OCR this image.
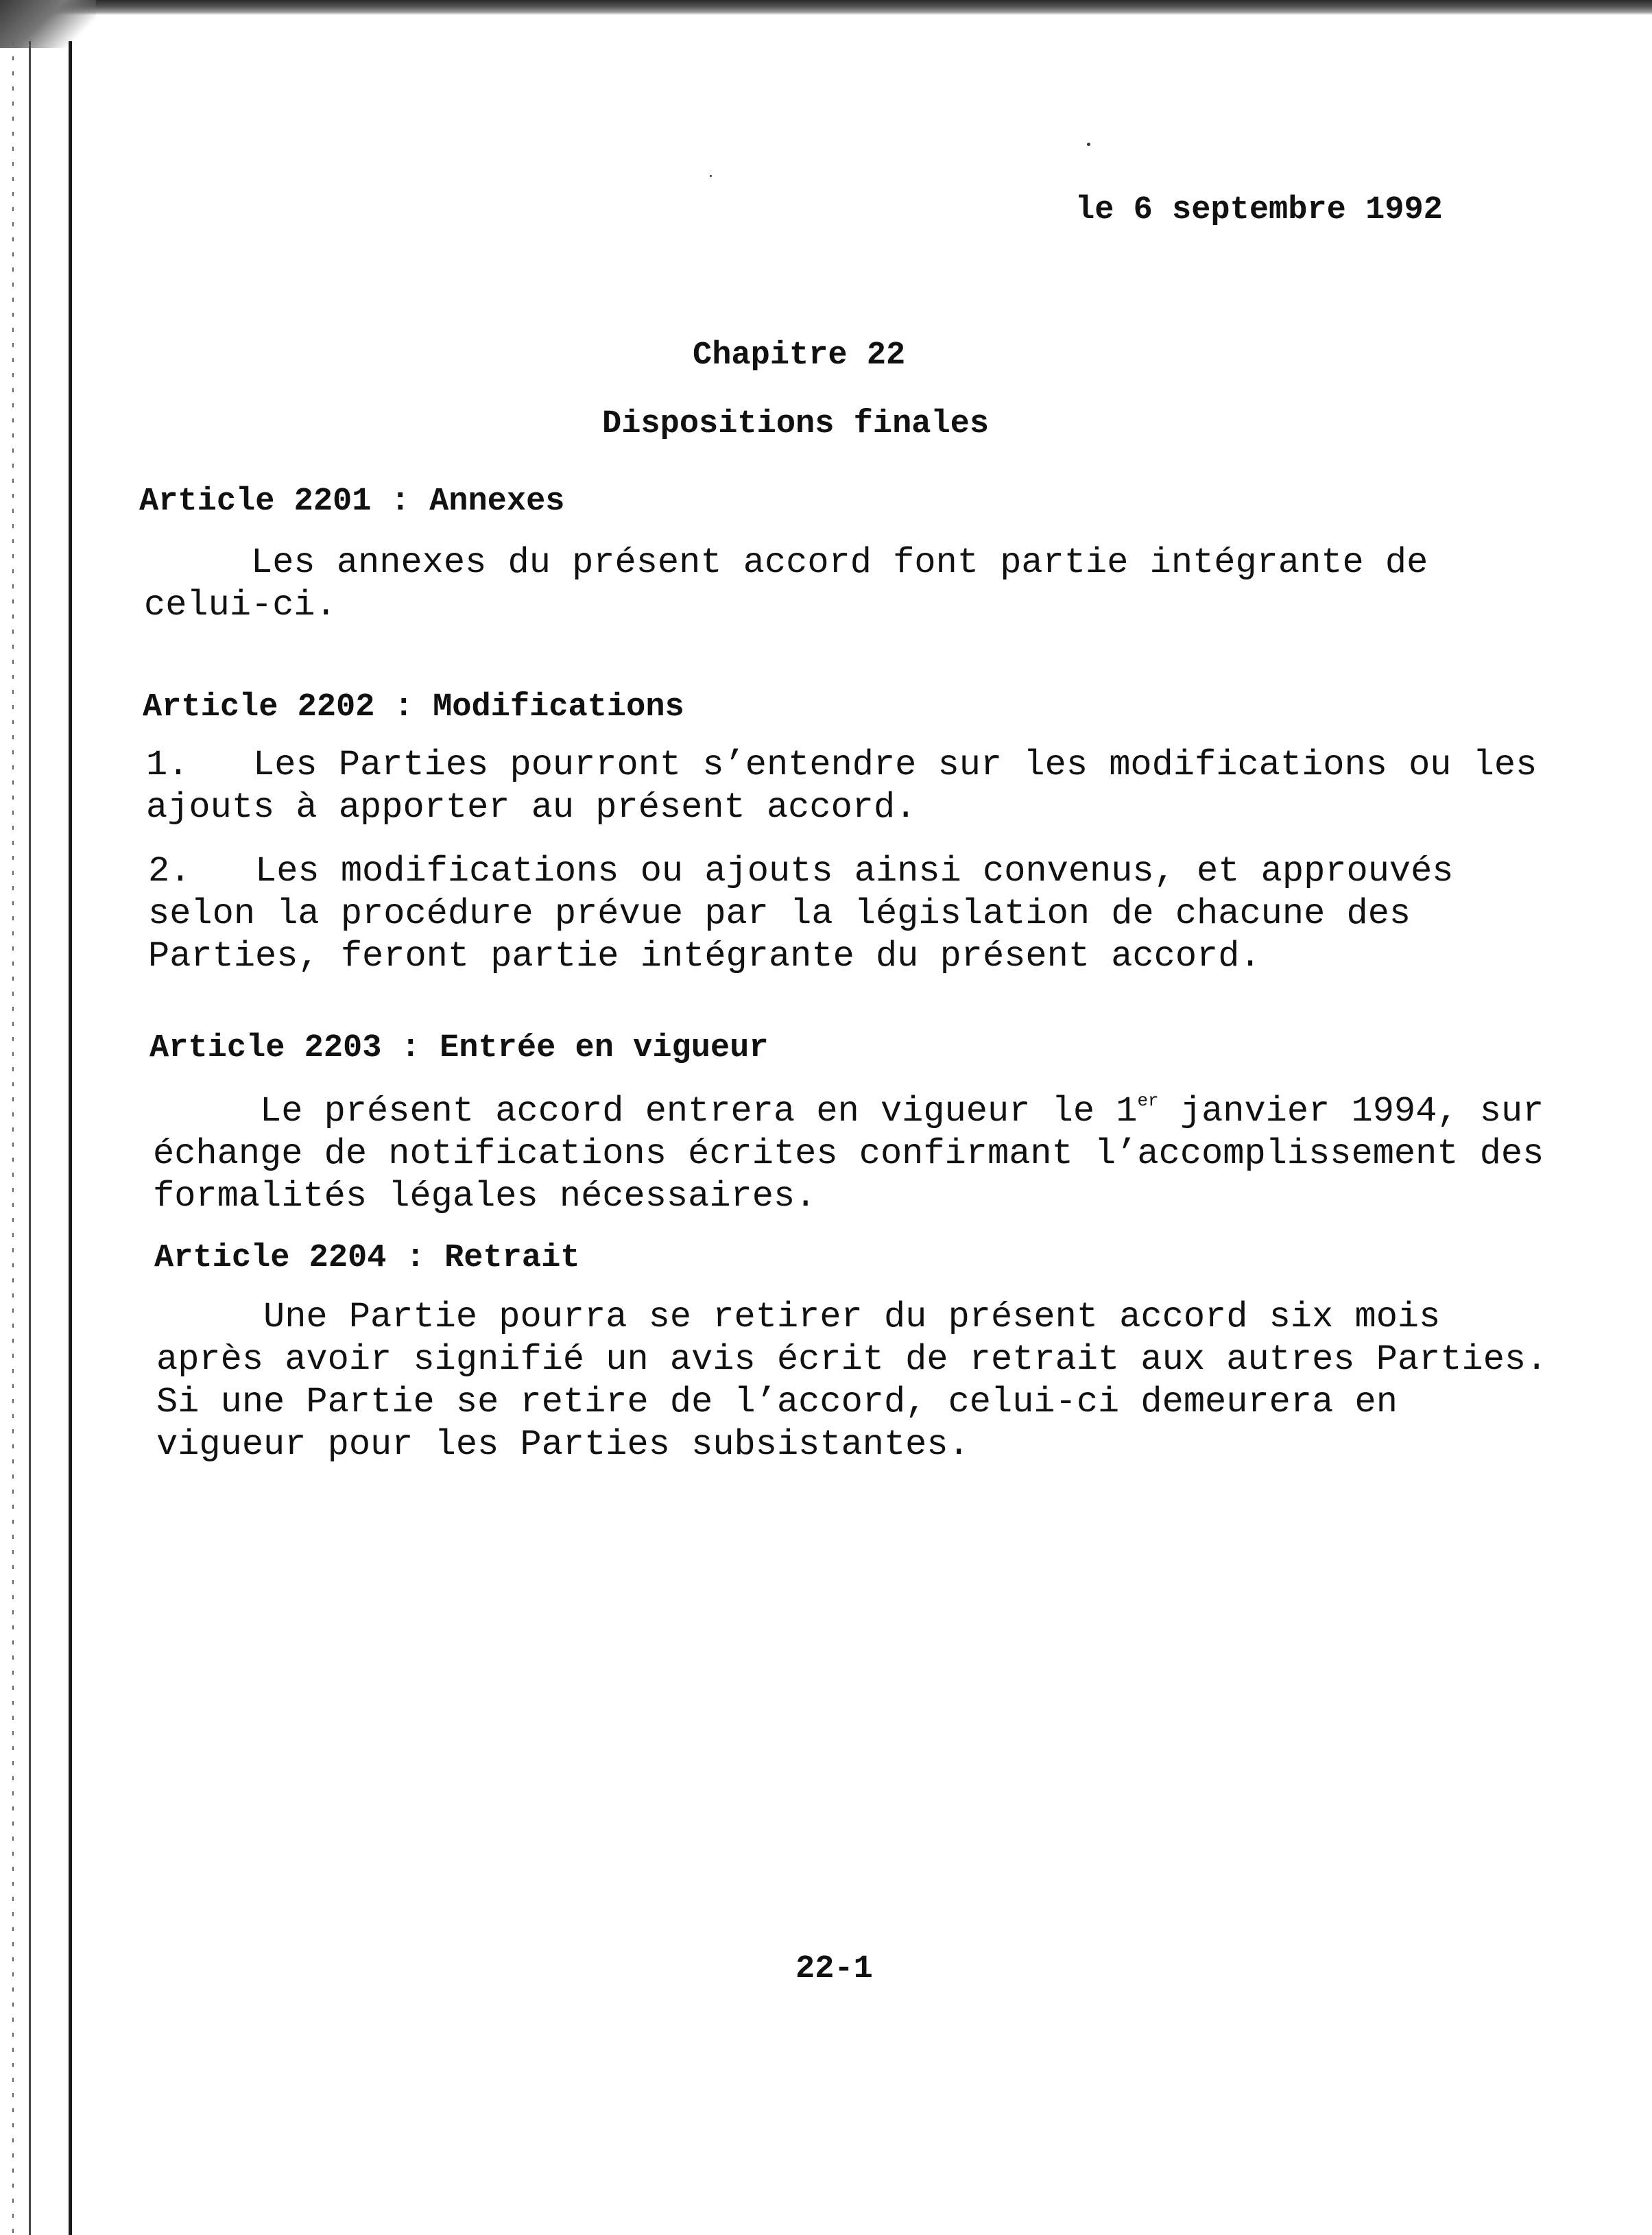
le 6 septembre 1992
Chapitre 22
Dispositions finales
Article 2201 : Annexes
Les annexes du présent accord font partie intégrante de
celui-ci.
Article 2202 : Modifications
1.   Les Parties pourront s’entendre sur les modifications ou les
ajouts à apporter au présent accord.
2.   Les modifications ou ajouts ainsi convenus, et approuvés
selon la procédure prévue par la législation de chacune des
Parties, feront partie intégrante du présent accord.
Article 2203 : Entrée en vigueur
Le présent accord entrera en vigueur le 1er janvier 1994, sur
échange de notifications écrites confirmant l’accomplissement des
formalités légales nécessaires.
Article 2204 : Retrait
Une Partie pourra se retirer du présent accord six mois
après avoir signifié un avis écrit de retrait aux autres Parties.
Si une Partie se retire de l’accord, celui-ci demeurera en
vigueur pour les Parties subsistantes.
22-1
